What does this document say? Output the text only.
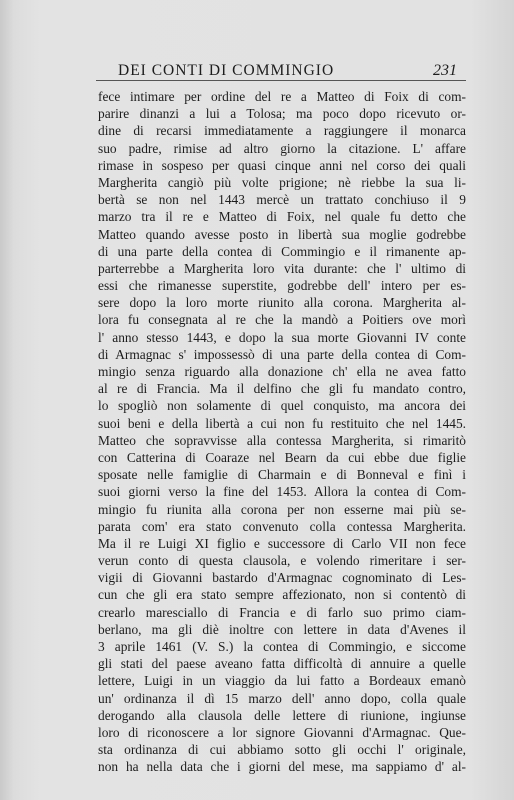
DEI CONTI DI COMMINGIO	231
fece intimare per ordine del re a Matteo di Foix di com-
parire dinanzi a lui a Tolosa; ma poco dopo ricevuto or-
dine di recarsi immediatamente a raggiungere il monarca
suo padre, rimise ad altro giorno la citazione. L' affare
rimase in sospeso per quasi cinque anni nel corso dei quali
Margherita cangiò più volte prigione; nè riebbe la sua li-
bertà se non nel 1443 mercè un trattato conchiuso il 9
marzo tra il re e Matteo di Foix, nel quale fu detto che
Matteo quando avesse posto in libertà sua moglie godrebbe
di una parte della contea di Commingio e il rimanente ap-
parterrebbe a Margherita loro vita durante: che l' ultimo di
essi che rimanesse superstite, godrebbe dell' intero per es-
sere dopo la loro morte riunito alla corona. Margherita al-
lora fu consegnata al re che la mandò a Poitiers ove morì
l' anno stesso 1443, e dopo la sua morte Giovanni IV conte
di Armagnac s' impossessò di una parte della contea di Com-
mingio senza riguardo alla donazione ch' ella ne avea fatto
al re di Francia. Ma il delfino che gli fu mandato contro,
lo spogliò non solamente di quel conquisto, ma ancora dei
suoi beni e della libertà a cui non fu restituito che nel 1445.
Matteo che sopravvisse alla contessa Margherita, si rimaritò
con Catterina di Coaraze nel Bearn da cui ebbe due figlie
sposate nelle famiglie di Charmain e di Bonneval e finì i
suoi giorni verso la fine del 1453. Allora la contea di Com-
mingio fu riunita alla corona per non esserne mai più se-
parata com' era stato convenuto colla contessa Margherita.
Ma il re Luigi XI figlio e successore di Carlo VII non fece
verun conto di questa clausola, e volendo rimeritare i ser-
vigii di Giovanni bastardo d'Armagnac cognominato di Les-
cun che gli era stato sempre affezionato, non si contentò di
crearlo maresciallo di Francia e di farlo suo primo ciam-
berlano, ma gli diè inoltre con lettere in data d'Avenes il
3 aprile 1461 (V. S.) la contea di Commingio, e siccome
gli stati del paese aveano fatta difficoltà di annuire a quelle
lettere, Luigi in un viaggio da lui fatto a Bordeaux emanò
un' ordinanza il dì 15 marzo dell' anno dopo, colla quale
derogando alla clausola delle lettere di riunione, ingiunse
loro di riconoscere a lor signore Giovanni d'Armagnac. Que-
sta ordinanza di cui abbiamo sotto gli occhi l' originale,
non ha nella data che i giorni del mese, ma sappiamo d' al-
